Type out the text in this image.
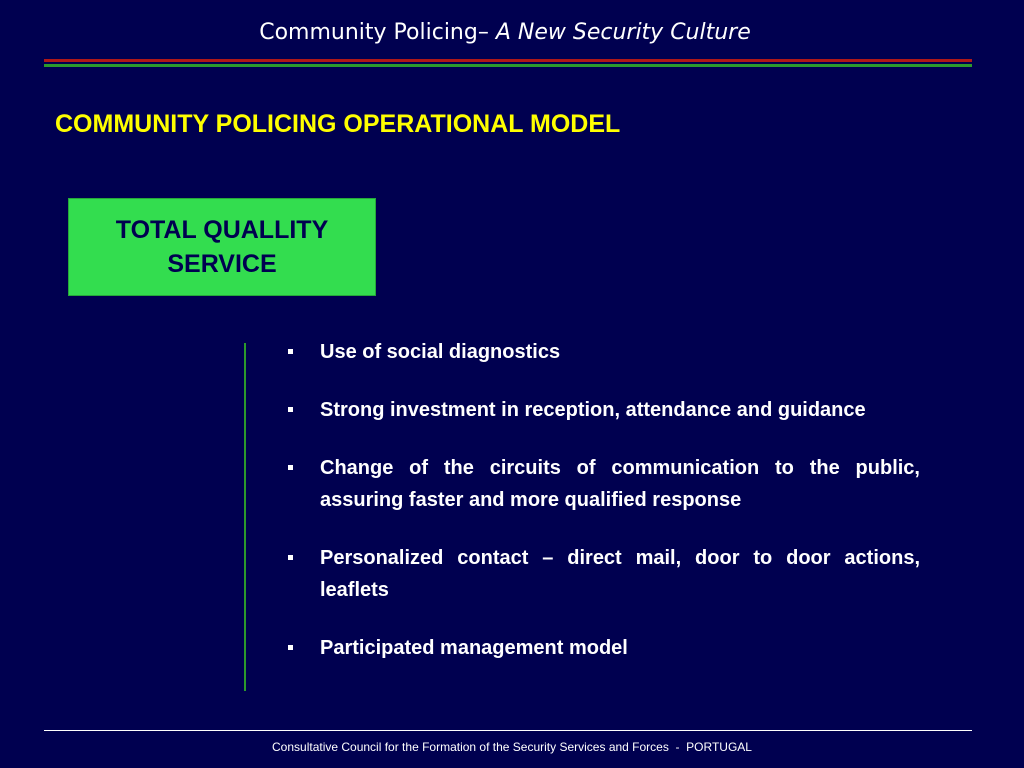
Community Policing– A New Security Culture
COMMUNITY POLICING OPERATIONAL MODEL
TOTAL QUALLITY
SERVICE
Use of social diagnostics
Strong investment in reception, attendance and guidance
Change of the circuits of communication to the public, assuring faster and more qualified response
Personalized contact – direct mail, door to door actions, leaflets
Participated management model
Consultative Council for the Formation of the Security Services and Forces  -  PORTUGAL
